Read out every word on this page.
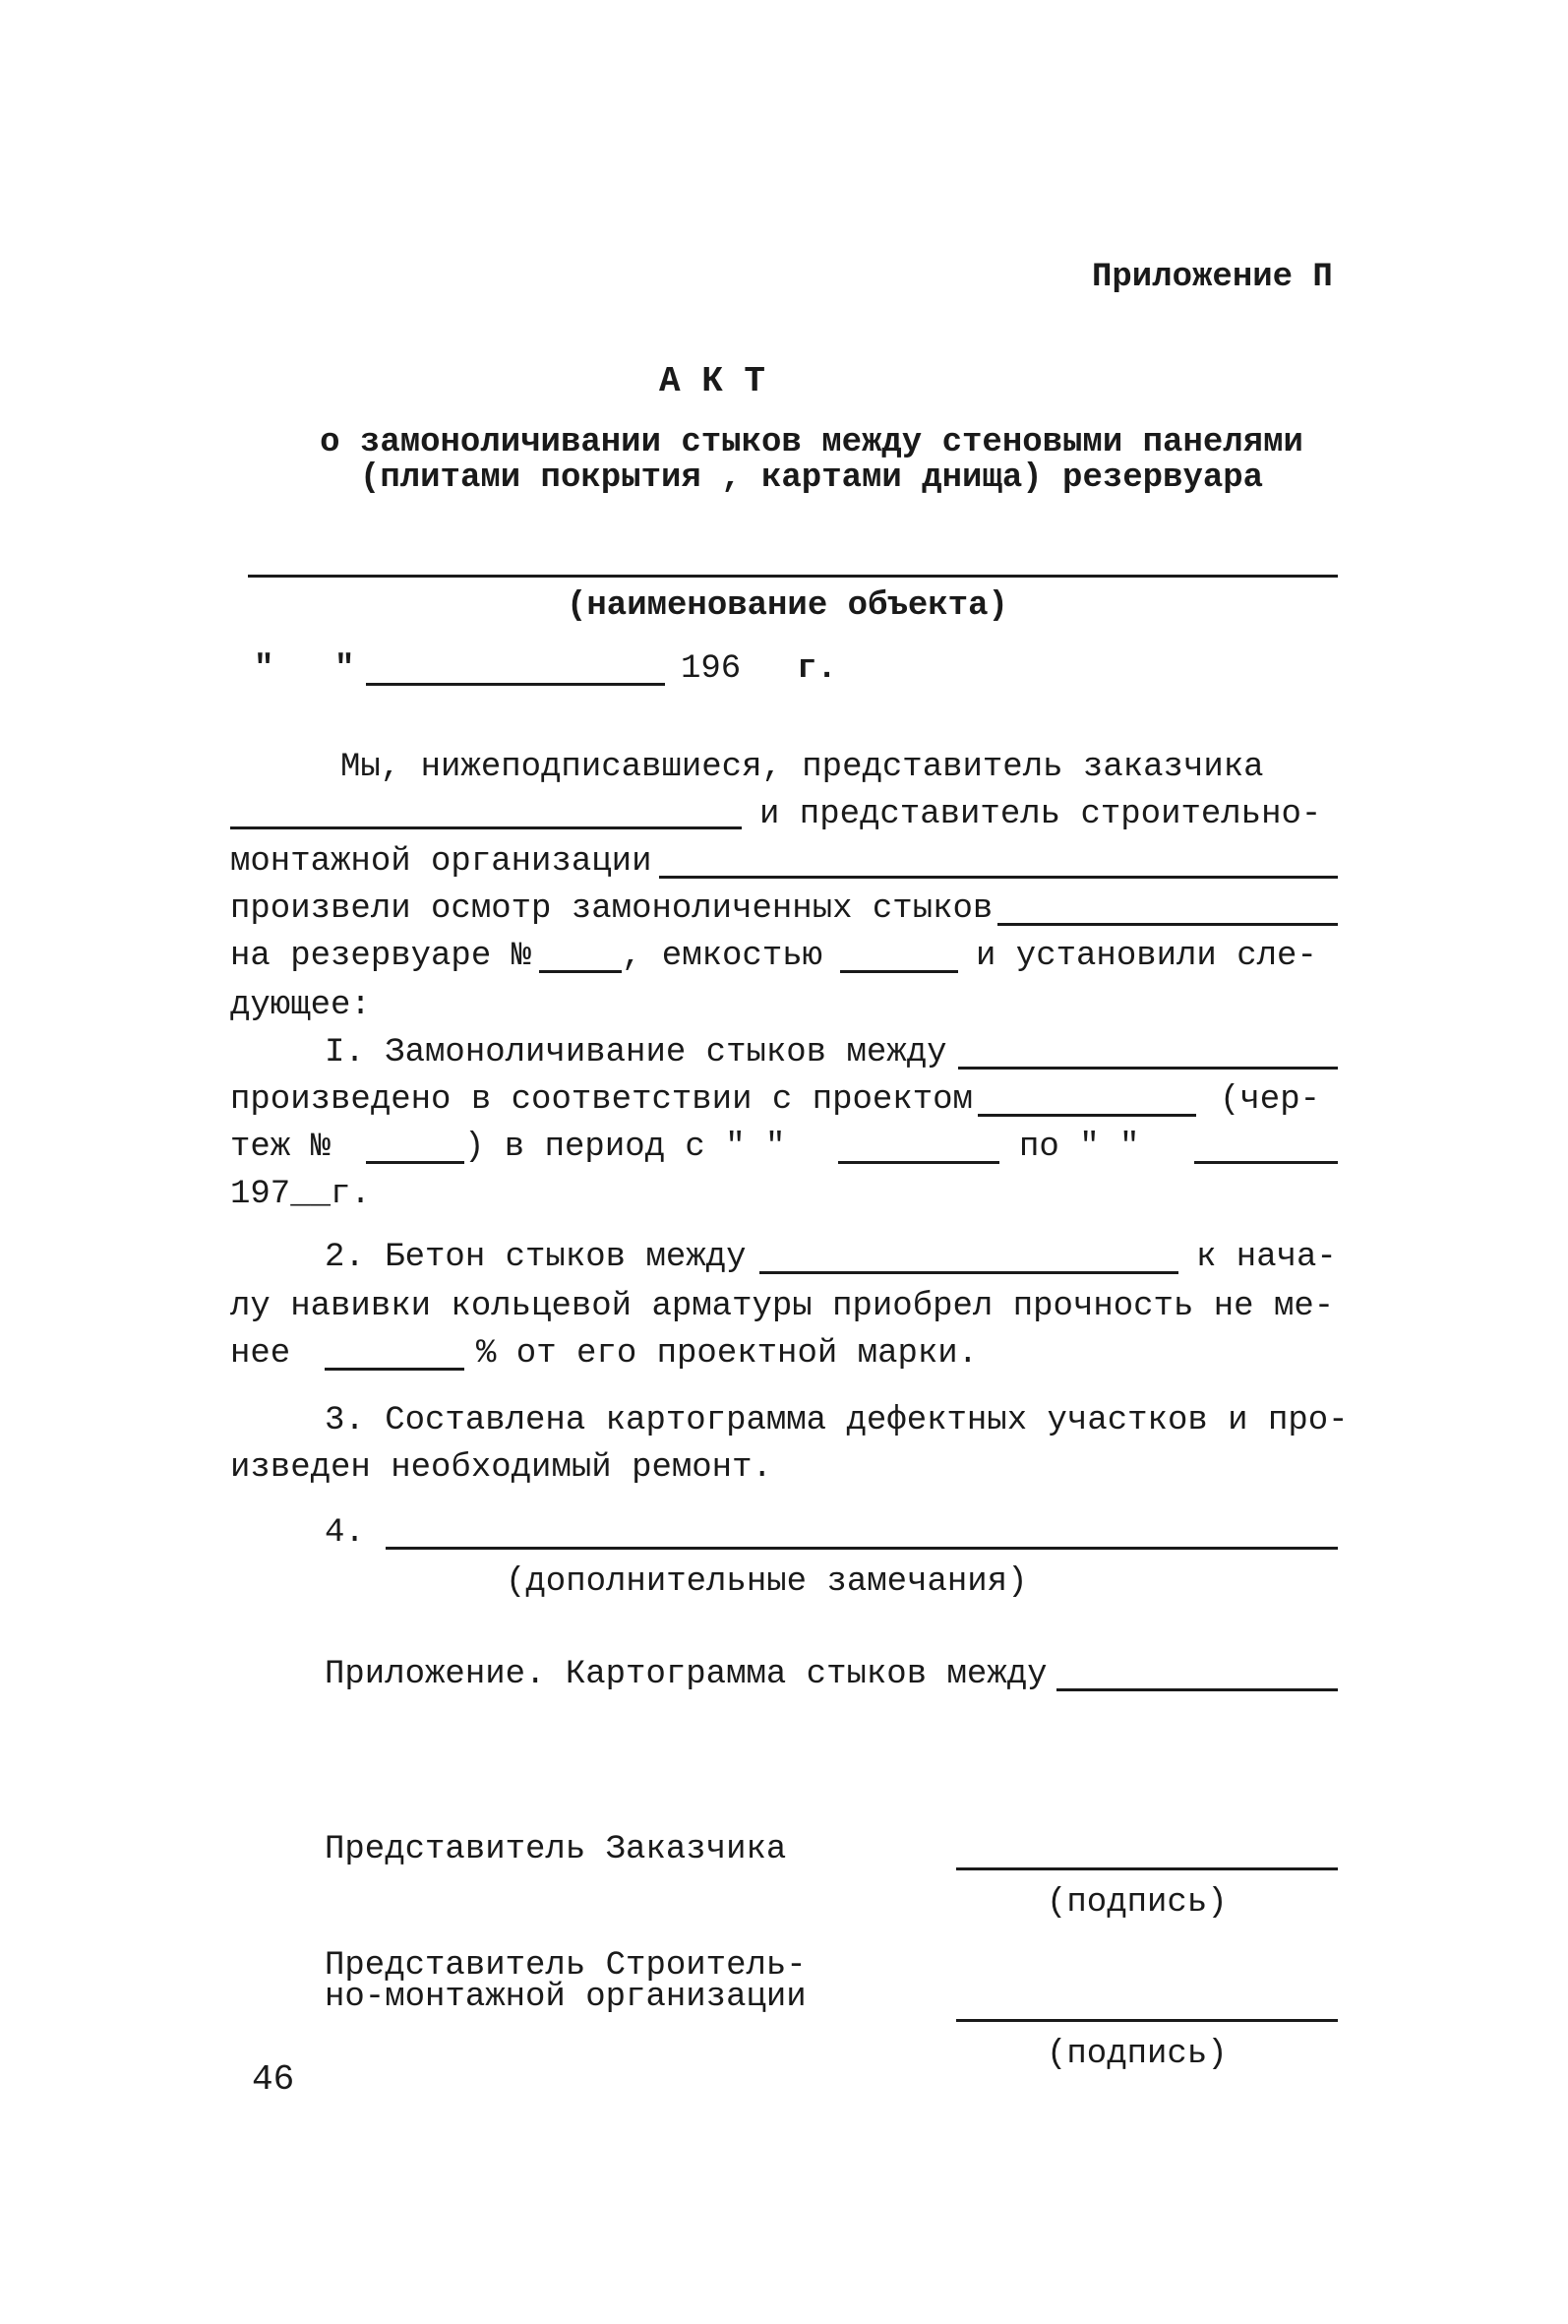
Приложение П
А К Т
о замоноличивании стыков между стеновыми панелями
(плитами покрытия , картами днища) резервуара
(наименование объекта)
" "	196 г.
Мы, нижеподписавшиеся, представитель заказчика
и представитель строительно-
монтажной организации
произвели осмотр замоноличенных стыков
на резервуаре №	, емкостью	и установили сле-
дующее:
I. Замоноличивание стыков между
произведено в соответствии с проектом	(чер-
теж №	) в период с " "	по " "
197__г.
2. Бетон стыков между	к нача-
лу навивки кольцевой арматуры приобрел прочность не ме-
нее	% от его проектной марки.
3. Составлена картограмма дефектных участков и про-
изведен необходимый ремонт.
4.
(дополнительные замечания)
Приложение. Картограмма стыков между
Представитель Заказчика
(подпись)
Представитель Строитель-
но-монтажной организации
(подпись)
46
